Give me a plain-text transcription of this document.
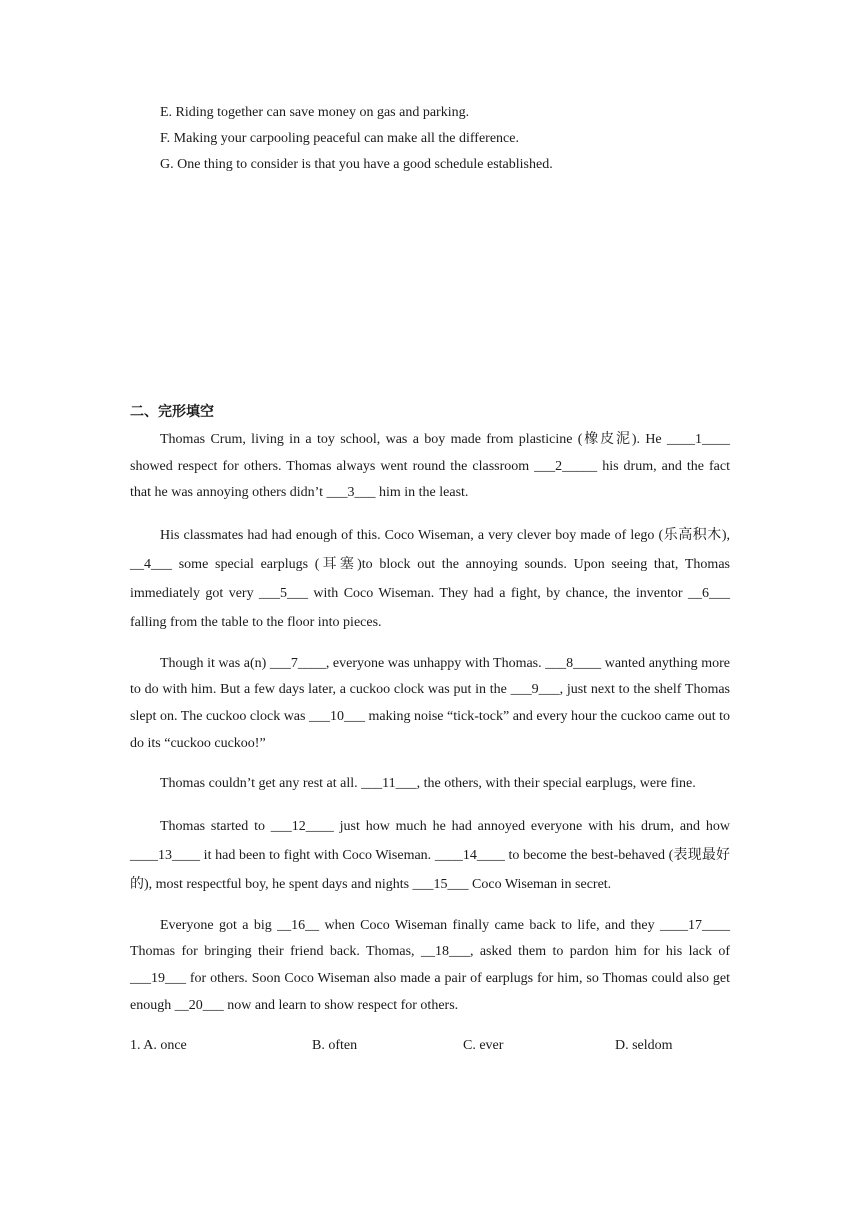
E. Riding together can save money on gas and parking.
F. Making your carpooling peaceful can make all the difference.
G. One thing to consider is that you have a good schedule established.
二、完形填空

Thomas Crum, living in a toy school, was a boy made from plasticine (橡皮泥). He ____1____ showed respect for others. Thomas always went round the classroom ___2_____ his drum, and the fact that he was annoying others didn’t ___3___ him in the least.

His classmates had had enough of this. Coco Wiseman, a very clever boy made of lego (乐高积木), __4___ some special earplugs (耳塞)to block out the annoying sounds. Upon seeing that, Thomas immediately got very ___5___ with Coco Wiseman. They had a fight, by chance, the inventor __6___ falling from the table to the floor into pieces.

Though it was a(n) ___7____, everyone was unhappy with Thomas. ___8____ wanted anything more to do with him. But a few days later, a cuckoo clock was put in the ___9___, just next to the shelf Thomas slept on. The cuckoo clock was ___10___ making noise “tick-tock” and every hour the cuckoo came out to do its “cuckoo cuckoo!”

Thomas couldn’t get any rest at all. ___11___, the others, with their special earplugs, were fine.

Thomas started to ___12____ just how much he had annoyed everyone with his drum, and how ____13____ it had been to fight with Coco Wiseman. ____14____ to become the best-behaved (表现最好的), most respectful boy, he spent days and nights ___15___ Coco Wiseman in secret.

Everyone got a big __16__ when Coco Wiseman finally came back to life, and they ____17____ Thomas for bringing their friend back. Thomas, __18___, asked them to pardon him for his lack of ___19___ for others. Soon Coco Wiseman also made a pair of earplugs for him, so Thomas could also get enough __20___ now and learn to show respect for others.

1. A. once	B. often	C. ever	D. seldom
